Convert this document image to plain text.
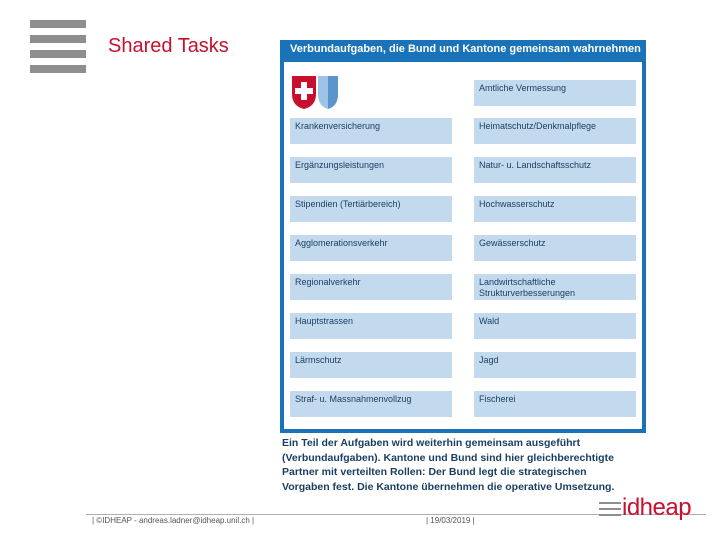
Shared Tasks	Verbundaufgaben, die Bund und Kantone gemeinsam wahrnehmen
Krankenversicherung
Ergänzungsleistungen
Stipendien (Tertiärbereich)
Agglomerationsverkehr
Regionalverkehr
Hauptstrassen
Lärmschutz
Straf- u. Massnahmenvollzug
Amtliche Vermessung
Heimatschutz/Denkmalpflege
Natur- u. Landschaftsschutz
Hochwasserschutz
Gewässerschutz
Landwirtschaftliche Strukturverbesserungen
Wald
Jagd
Fischerei
Ein Teil der Aufgaben wird weiterhin gemeinsam ausgeführt (Verbundaufgaben). Kantone und Bund sind hier gleichberechtigte Partner mit verteilten Rollen: Der Bund legt die strategischen Vorgaben fest. Die Kantone übernehmen die operative Umsetzung.
| ©IDHEAP - andreas.ladner@idheap.unil.ch |	| 19/03/2019 |	idheap
